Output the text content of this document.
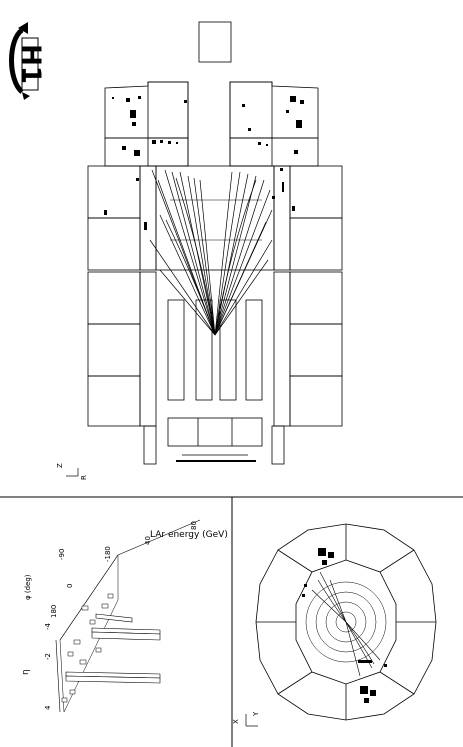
H1
Z
R
LAr energy (GeV)
-180
40
80
φ (deg)
-90
0
180
η
-4
-2
4
X
Y
